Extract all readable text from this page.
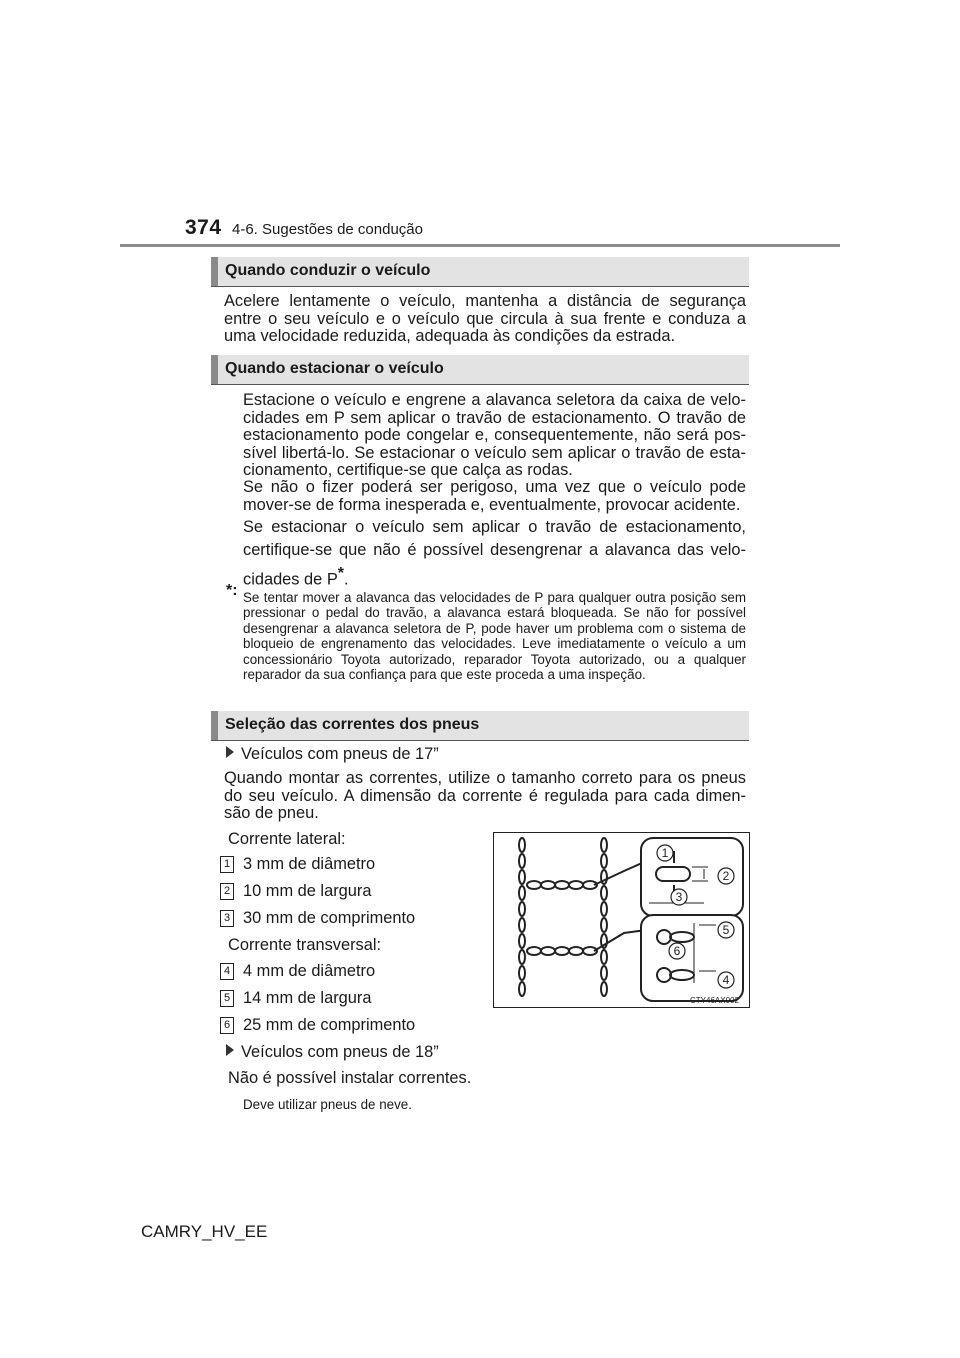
374 4-6. Sugestões de condução
Quando conduzir o veículo
Acelere lentamente o veículo, mantenha a distância de segurança entre o seu veículo e o veículo que circula à sua frente e conduza a uma velocidade reduzida, adequada às condições da estrada.
Quando estacionar o veículo
Estacione o veículo e engrene a alavanca seletora da caixa de velo-cidades em P sem aplicar o travão de estacionamento. O travão de estacionamento pode congelar e, consequentemente, não será pos-sível libertá-lo. Se estacionar o veículo sem aplicar o travão de esta-cionamento, certifique-se que calça as rodas.
Se não o fizer poderá ser perigoso, uma vez que o veículo pode mover-se de forma inesperada e, eventualmente, provocar acidente.
Se estacionar o veículo sem aplicar o travão de estacionamento, certifique-se que não é possível desengrenar a alavanca das velo-cidades de P*.
*: Se tentar mover a alavanca das velocidades de P para qualquer outra posição sem pressionar o pedal do travão, a alavanca estará bloqueada. Se não for possível desengrenar a alavanca seletora de P, pode haver um problema com o sistema de bloqueio de engrenamento das velocidades. Leve imediatamente o veículo a um concessionário Toyota autorizado, reparador Toyota autorizado, ou a qualquer reparador da sua confiança para que este proceda a uma inspeção.
Seleção das correntes dos pneus
Veículos com pneus de 17”
Quando montar as correntes, utilize o tamanho correto para os pneus do seu veículo. A dimensão da corrente é regulada para cada dimen-são de pneu.
Corrente lateral:
1 3 mm de diâmetro
2 10 mm de largura
3 30 mm de comprimento
Corrente transversal:
4 4 mm de diâmetro
5 14 mm de largura
6 25 mm de comprimento
Veículos com pneus de 18”
Não é possível instalar correntes.
Deve utilizar pneus de neve.
1
2
3
4
5
6
CTY46AX002
CAMRY_HV_EE
